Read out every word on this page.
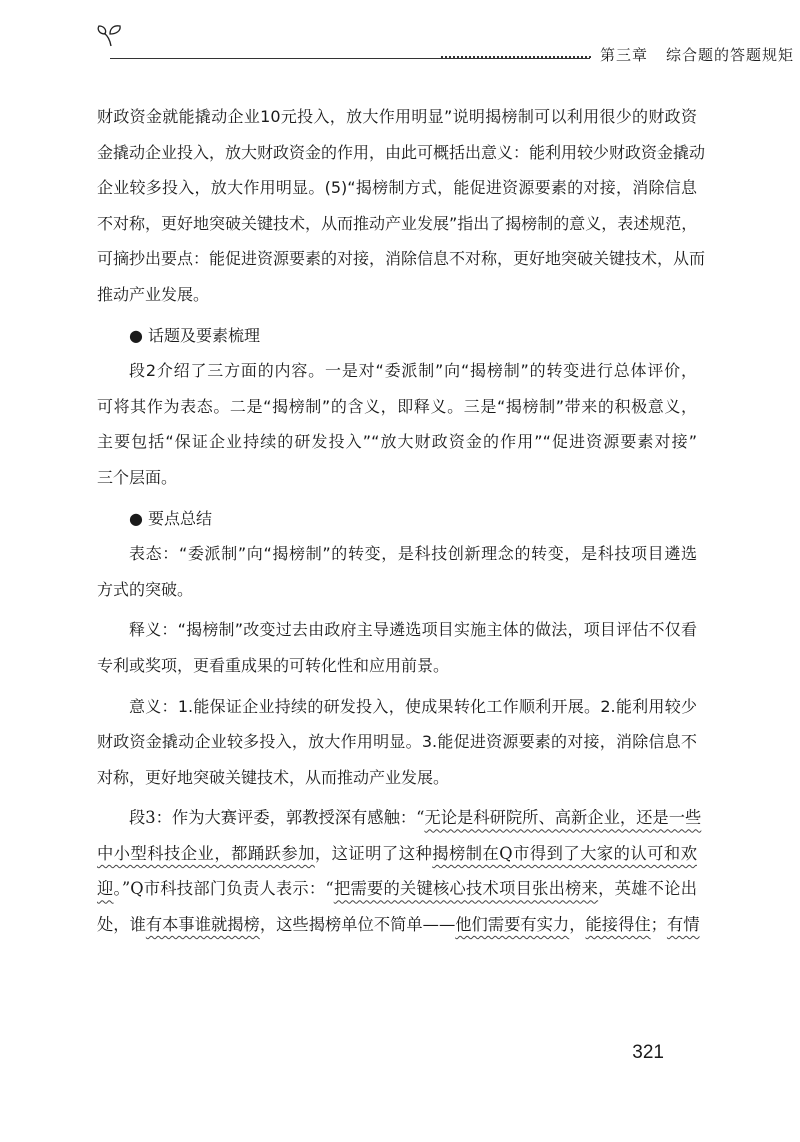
第三章 综合题的答题规矩

财政资金就能撬动企业10元投入，放大作用明显”说明揭榜制可以利用很少的财政资

金撬动企业投入，放大财政资金的作用，由此可概括出意义：能利用较少财政资金撬动

企业较多投入，放大作用明显。(5)“揭榜制方式，能促进资源要素的对接，消除信息

不对称，更好地突破关键技术，从而推动产业发展”指出了揭榜制的意义，表述规范，

可摘抄出要点：能促进资源要素的对接，消除信息不对称，更好地突破关键技术，从而

推动产业发展。

● 话题及要素梳理

段2介绍了三方面的内容。一是对“委派制”向“揭榜制”的转变进行总体评价，

可将其作为表态。二是“揭榜制”的含义，即释义。三是“揭榜制”带来的积极意义，

主要包括“保证企业持续的研发投入”“放大财政资金的作用”“促进资源要素对接”

三个层面。

● 要点总结

表态：“委派制”向“揭榜制”的转变，是科技创新理念的转变，是科技项目遴选

方式的突破。

释义：“揭榜制”改变过去由政府主导遴选项目实施主体的做法，项目评估不仅看

专利或奖项，更看重成果的可转化性和应用前景。

意义：1.能保证企业持续的研发投入，使成果转化工作顺利开展。2.能利用较少

财政资金撬动企业较多投入，放大作用明显。3.能促进资源要素的对接，消除信息不

对称，更好地突破关键技术，从而推动产业发展。

段3：作为大赛评委，郭教授深有感触：“无论是科研院所、高新企业，还是一些

中小型科技企业，都踊跃参加，这证明了这种揭榜制在Q市得到了大家的认可和欢

迎。”Q市科技部门负责人表示：“把需要的关键核心技术项目张出榜来，英雄不论出

处，谁有本事谁就揭榜，这些揭榜单位不简单——他们需要有实力，能接得住；有情

321
